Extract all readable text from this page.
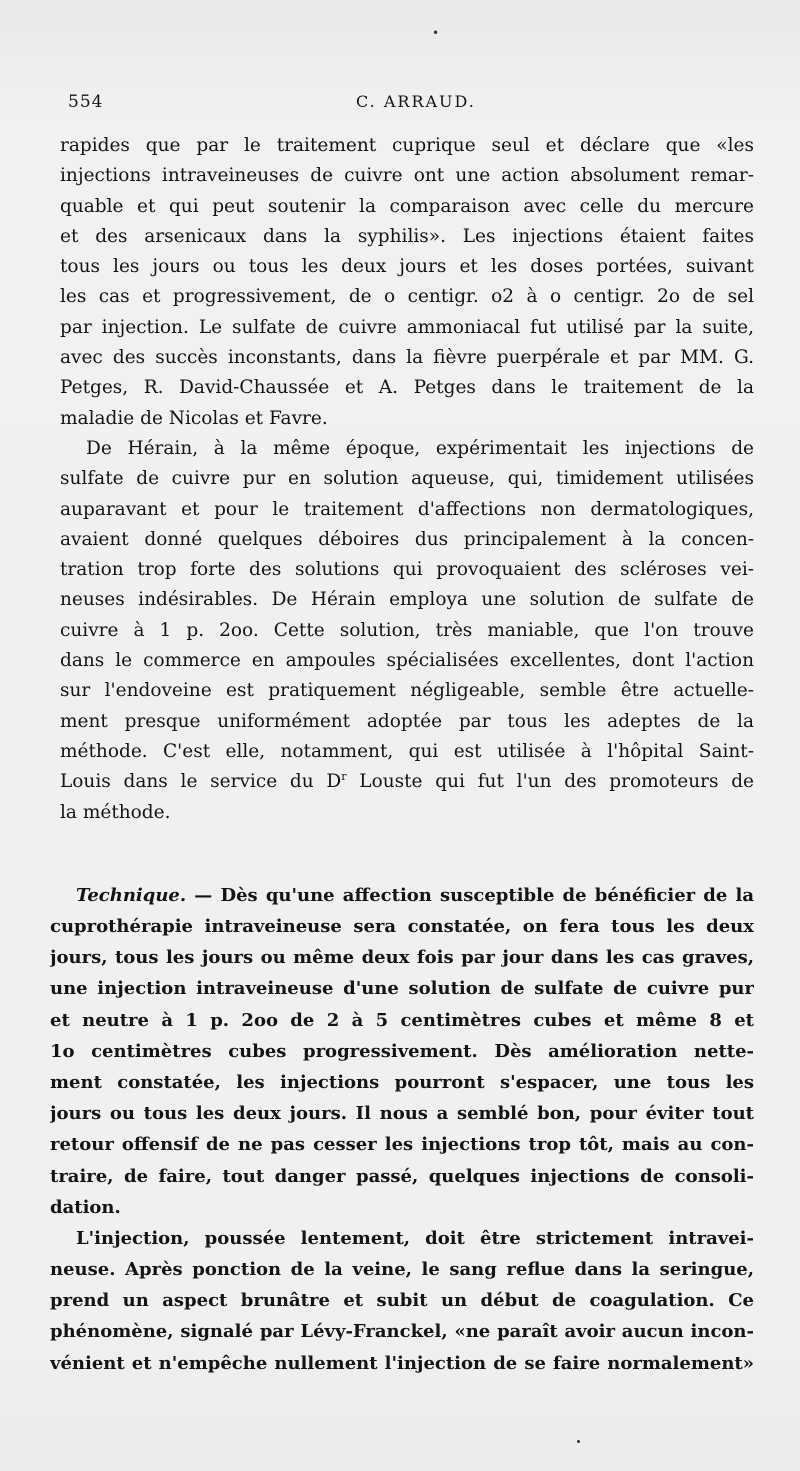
•
554	C. ARRAUD.
rapides que par le traitement cuprique seul et déclare que «les
injections intraveineuses de cuivre ont une action absolument remar-
quable et qui peut soutenir la comparaison avec celle du mercure
et des arsenicaux dans la syphilis». Les injections étaient faites
tous les jours ou tous les deux jours et les doses portées, suivant
les cas et progressivement, de o centigr. o2 à o centigr. 2o de sel
par injection. Le sulfate de cuivre ammoniacal fut utilisé par la suite,
avec des succès inconstants, dans la fièvre puerpérale et par MM. G.
Petges, R. David-Chaussée et A. Petges dans le traitement de la
maladie de Nicolas et Favre.
De Hérain, à la même époque, expérimentait les injections de
sulfate de cuivre pur en solution aqueuse, qui, timidement utilisées
auparavant et pour le traitement d'affections non dermatologiques,
avaient donné quelques déboires dus principalement à la concen-
tration trop forte des solutions qui provoquaient des scléroses vei-
neuses indésirables. De Hérain employa une solution de sulfate de
cuivre à 1 p. 2oo. Cette solution, très maniable, que l'on trouve
dans le commerce en ampoules spécialisées excellentes, dont l'action
sur l'endoveine est pratiquement négligeable, semble être actuelle-
ment presque uniformément adoptée par tous les adeptes de la
méthode. C'est elle, notamment, qui est utilisée à l'hôpital Saint-
Louis dans le service du $D^r$ Louste qui fut l'un des promoteurs de
la méthode.
Technique. — Dès qu'une affection susceptible de bénéficier de la
cuprothérapie intraveineuse sera constatée, on fera tous les deux
jours, tous les jours ou même deux fois par jour dans les cas graves,
une injection intraveineuse d'une solution de sulfate de cuivre pur
et neutre à 1 p. 2oo de 2 à 5 centimètres cubes et même 8 et
1o centimètres cubes progressivement. Dès amélioration nette-
ment constatée, les injections pourront s'espacer, une tous les
jours ou tous les deux jours. Il nous a semblé bon, pour éviter tout
retour offensif de ne pas cesser les injections trop tôt, mais au con-
traire, de faire, tout danger passé, quelques injections de consoli-
dation.
L'injection, poussée lentement, doit être strictement intravei-
neuse. Après ponction de la veine, le sang reflue dans la seringue,
prend un aspect brunâtre et subit un début de coagulation. Ce
phénomène, signalé par Lévy-Franckel, «ne paraît avoir aucun incon-
vénient et n'empêche nullement l'injection de se faire normalement»
